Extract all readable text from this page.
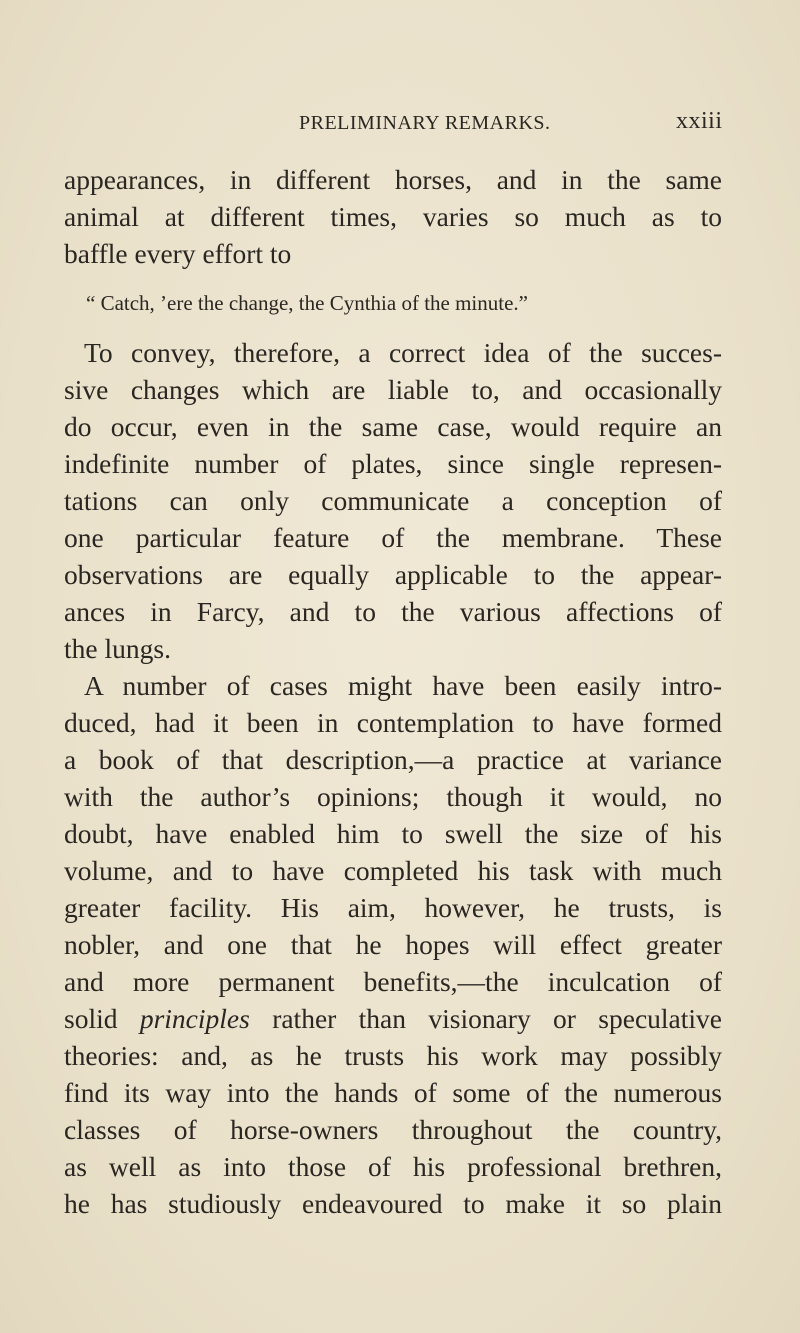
PRELIMINARY REMARKS.	xxiii
appearances, in different horses, and in the same
animal at different times, varies so much as to
baffle every effort to
“ Catch, ’ere the change, the Cynthia of the minute.”
To convey, therefore, a correct idea of the succes-
sive changes which are liable to, and occasionally
do occur, even in the same case, would require an
indefinite number of plates, since single represen-
tations can only communicate a conception of
one particular feature of the membrane. These
observations are equally applicable to the appear-
ances in Farcy, and to the various affections of
the lungs.
A number of cases might have been easily intro-
duced, had it been in contemplation to have formed
a book of that description,—a practice at variance
with the author’s opinions; though it would, no
doubt, have enabled him to swell the size of his
volume, and to have completed his task with much
greater facility. His aim, however, he trusts, is
nobler, and one that he hopes will effect greater
and more permanent benefits,—the inculcation of
solid principles rather than visionary or speculative
theories: and, as he trusts his work may possibly
find its way into the hands of some of the numerous
classes of horse-owners throughout the country,
as well as into those of his professional brethren,
he has studiously endeavoured to make it so plain
